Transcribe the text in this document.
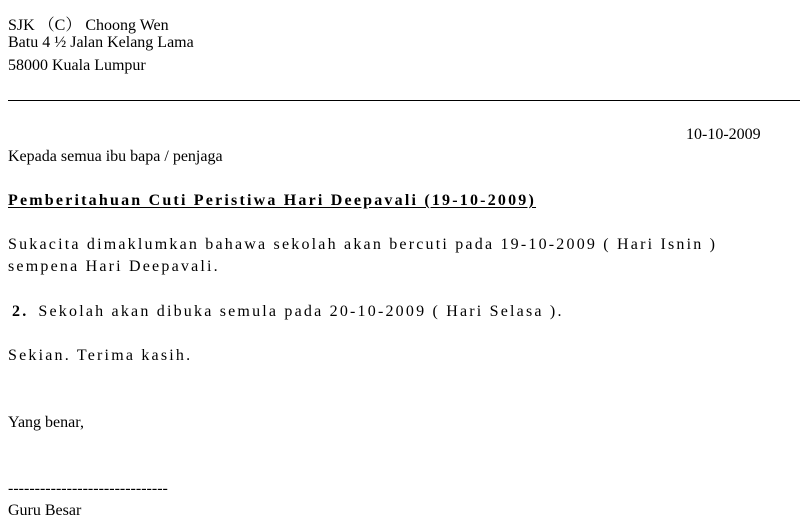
SJK （C） Choong Wen
Batu 4 ½ Jalan Kelang Lama
58000 Kuala Lumpur
10-10-2009
Kepada semua ibu bapa / penjaga
Pemberitahuan Cuti Peristiwa Hari Deepavali (19-10-2009)
Sukacita dimaklumkan bahawa sekolah akan bercuti pada 19-10-2009 ( Hari Isnin )
sempena Hari Deepavali.
2. Sekolah akan dibuka semula pada 20-10-2009 ( Hari Selasa ).
Sekian. Terima kasih.
Yang benar,
------------------------------
Guru Besar
